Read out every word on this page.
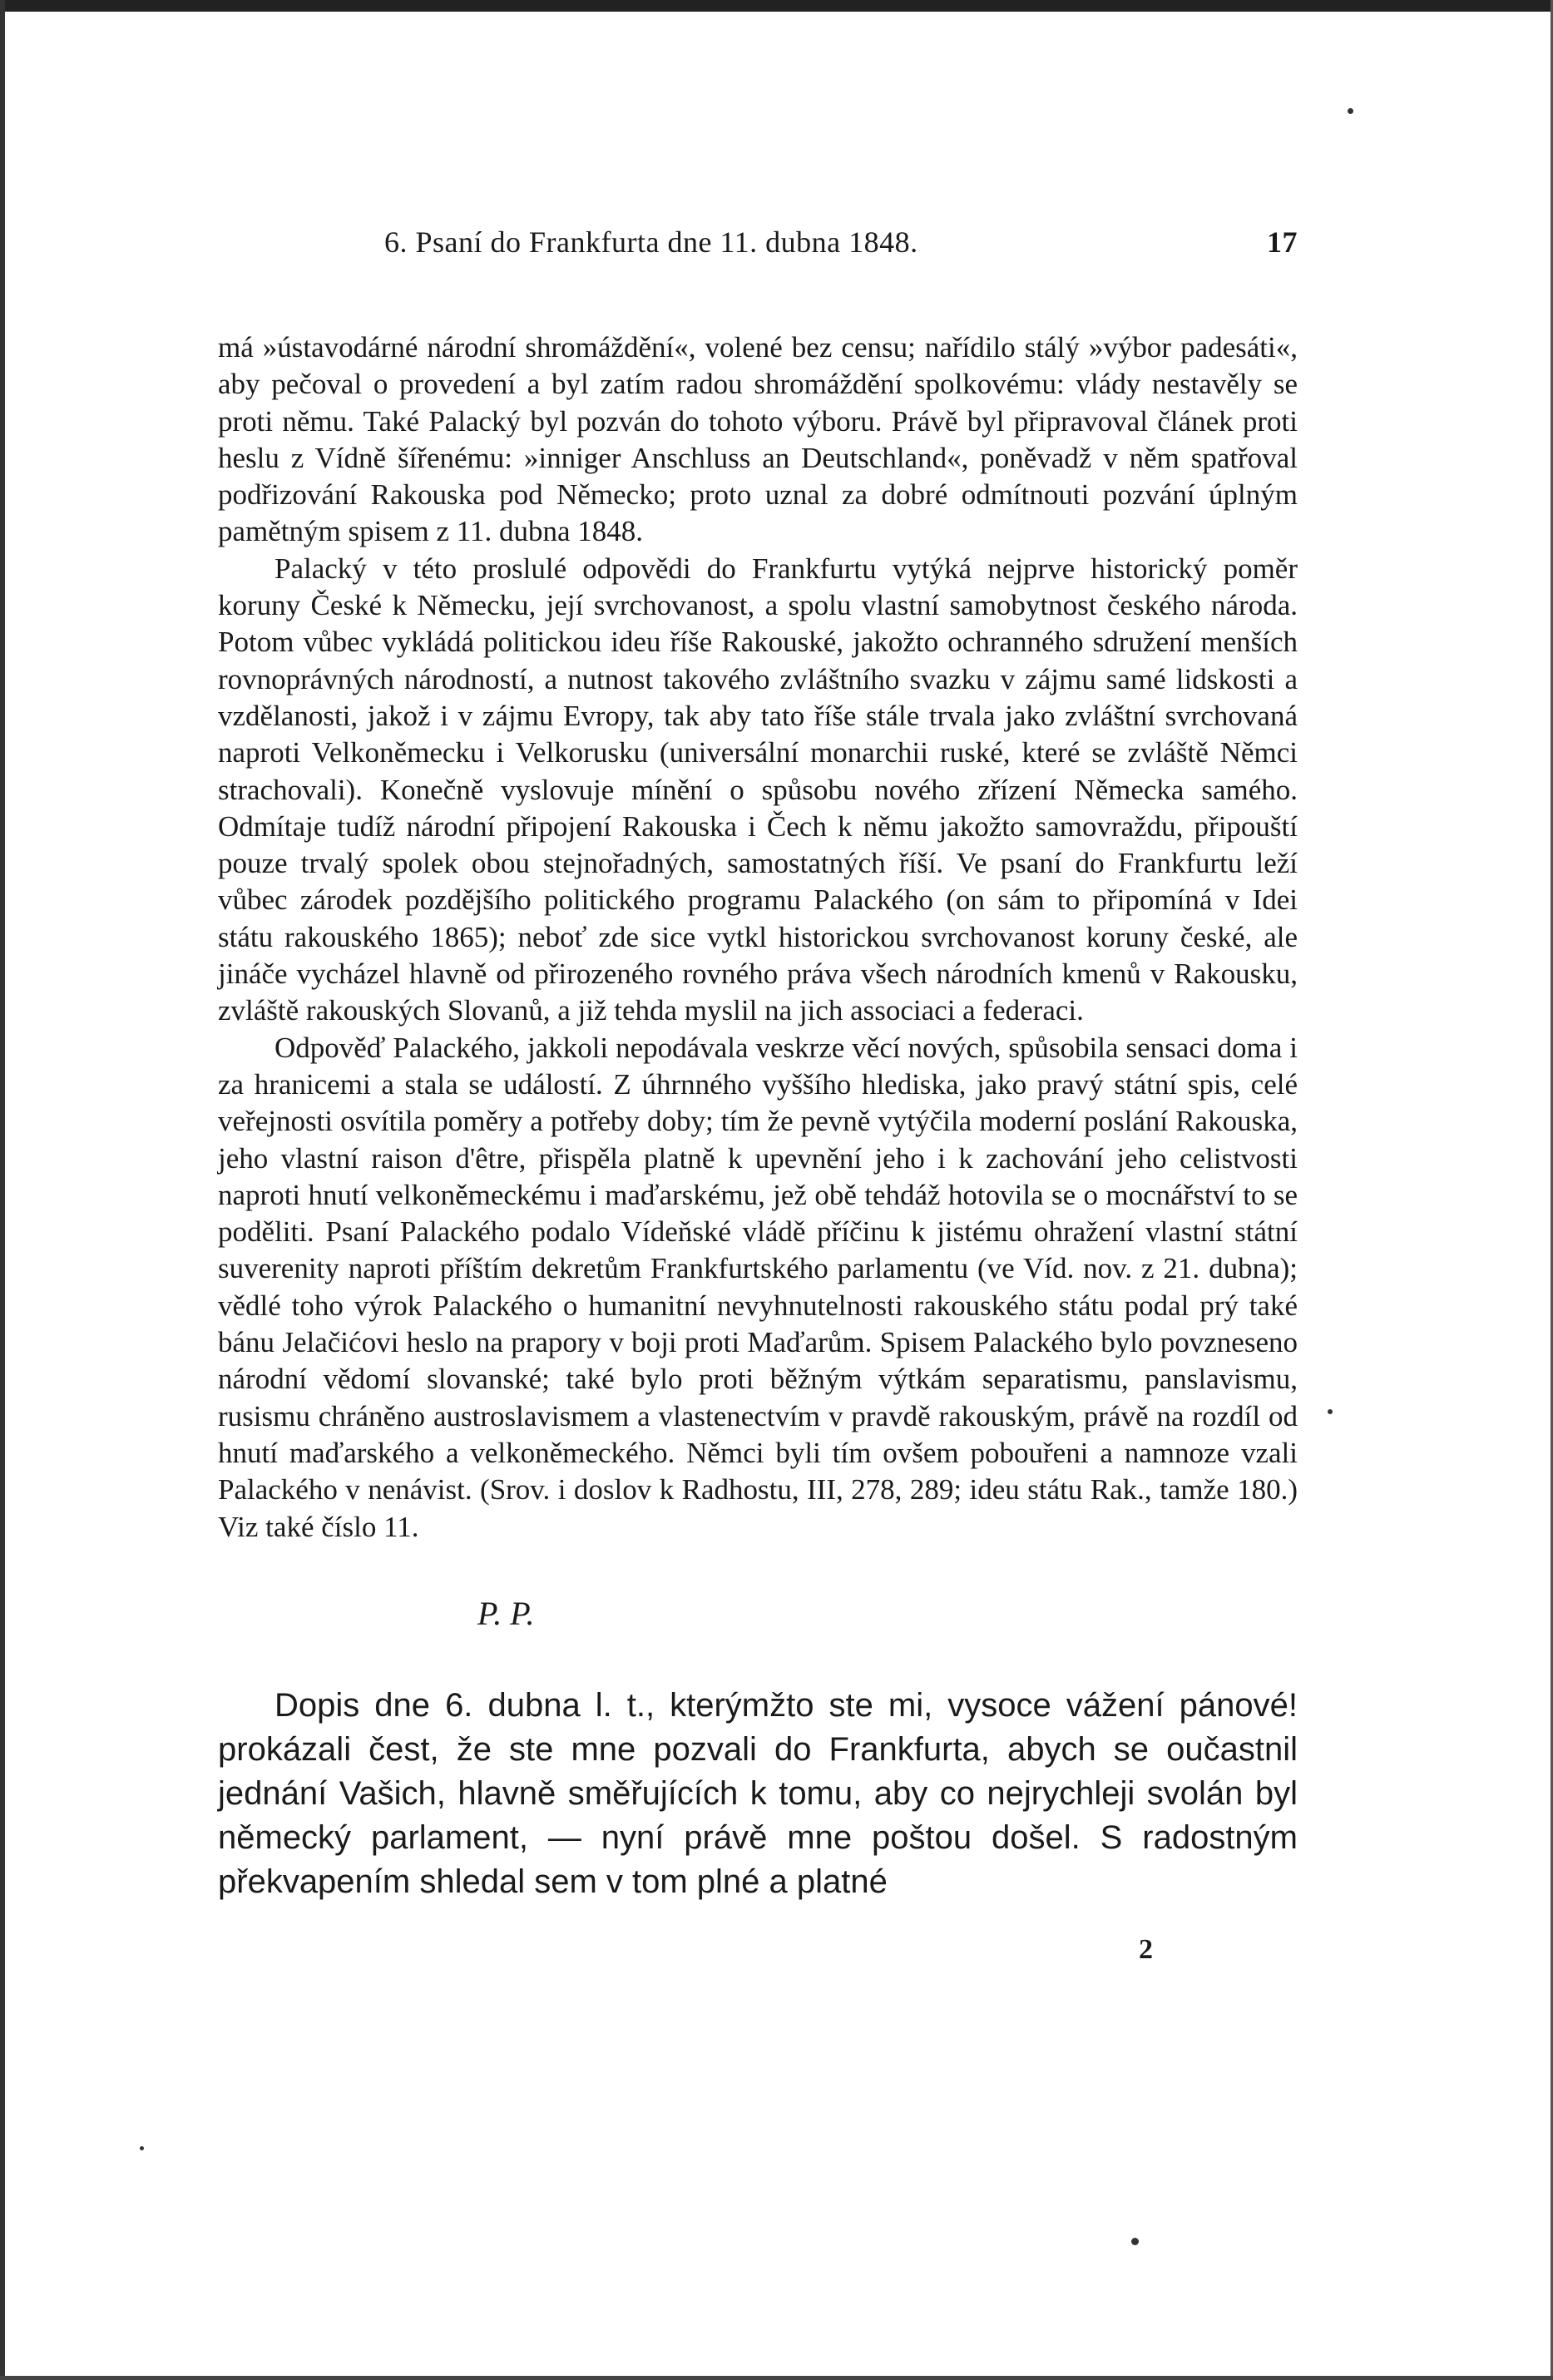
6. Psaní do Frankfurta dne 11. dubna 1848.	17

má »ústavodárné národní shromáždění«, volené bez censu; nařídilo stálý »výbor padesáti«, aby pečoval o provedení a byl zatím radou shromáždění spolkovému: vlády nestavěly se proti němu. Také Palacký byl pozván do tohoto výboru. Právě byl připravoval článek proti heslu z Vídně šířenému: »inniger Anschluss an Deutschland«, poněvadž v něm spatřoval podřizování Rakouska pod Německo; proto uznal za dobré odmítnouti pozvání úplným pamětným spisem z 11. dubna 1848.

Palacký v této proslulé odpovědi do Frankfurtu vytýká nejprve historický poměr koruny České k Německu, její svrchovanost, a spolu vlastní samobytnost českého národa. Potom vůbec vykládá politickou ideu říše Rakouské, jakožto ochranného sdružení menších rovnoprávných národností, a nutnost takového zvláštního svazku v zájmu samé lidskosti a vzdělanosti, jakož i v zájmu Evropy, tak aby tato říše stále trvala jako zvláštní svrchovaná naproti Velkoněmecku i Velkorusku (universální monarchii ruské, které se zvláště Němci strachovali). Konečně vyslovuje mínění o spůsobu nového zřízení Německa samého. Odmítaje tudíž národní připojení Rakouska i Čech k němu jakožto samovraždu, připouští pouze trvalý spolek obou stejnořadných, samostatných říší. Ve psaní do Frankfurtu leží vůbec zárodek pozdějšího politického programu Palackého (on sám to připomíná v Idei státu rakouského 1865); neboť zde sice vytkl historickou svrchovanost koruny české, ale jináče vycházel hlavně od přirozeného rovného práva všech národních kmenů v Rakousku, zvláště rakouských Slovanů, a již tehda myslil na jich associaci a federaci.

Odpověď Palackého, jakkoli nepodávala veskrze věcí nových, spůsobila sensaci doma i za hranicemi a stala se událostí. Z úhrnného vyššího hlediska, jako pravý státní spis, celé veřejnosti osvítila poměry a potřeby doby; tím že pevně vytýčila moderní poslání Rakouska, jeho vlastní raison d'être, přispěla platně k upevnění jeho i k zachování jeho celistvosti naproti hnutí velkoněmeckému i maďarskému, jež obě tehdáž hotovila se o mocnářství to se poděliti. Psaní Palackého podalo Vídeňské vládě příčinu k jistému ohražení vlastní státní suverenity naproti příštím dekretům Frankfurtského parlamentu (ve Víd. nov. z 21. dubna); vědlé toho výrok Palackého o humanitní nevyhnutelnosti rakouského státu podal prý také bánu Jelačićovi heslo na prapory v boji proti Maďarům. Spisem Palackého bylo povzneseno národní vědomí slovanské; také bylo proti běžným výtkám separatismu, panslavismu, rusismu chráněno austroslavismem a vlastenectvím v pravdě rakouským, právě na rozdíl od hnutí maďarského a velkoněmeckého. Němci byli tím ovšem pobouřeni a namnoze vzali Palackého v nenávist. (Srov. i doslov k Radhostu, III, 278, 289; ideu státu Rak., tamže 180.) Viz také číslo 11.

P. P.

Dopis dne 6. dubna l. t., kterýmžto ste mi, vysoce vážení pánové! prokázali čest, že ste mne pozvali do Frankfurta, abych se oučastnil jednání Vašich, hlavně směřujících k tomu, aby co nejrychleji svolán byl německý parlament, — nyní právě mne poštou došel. S radostným překvapením shledal sem v tom plné a platné

2
